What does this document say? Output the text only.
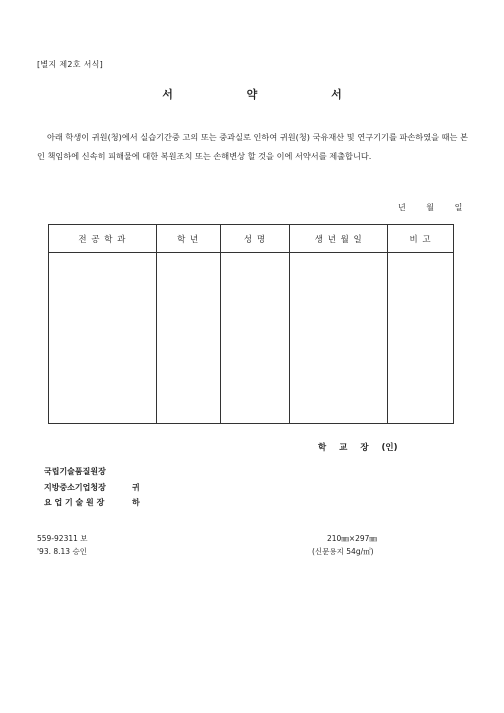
[별지 제2호 서식]
서	약	서
아래 학생이 귀원(청)에서 실습기간중 고의 또는 중과실로 인하여 귀원(청) 국유재산 및 연구기기를 파손하였을 때는 본인 책임하에 신속히 피해물에 대한 복원조치 또는 손해변상 할 것을 이에 서약서를 제출합니다.
년	월	일
전 공 학 과	학 년	성 명	생 년 월 일	비 고

학 교 장 (인)
국립기술품질원장
지방중소기업청장
요 업 기 술 원 장
귀하
559-92311 보
'93. 8.13 승인
210㎜×297㎜
(신문용지 54g/㎡)
